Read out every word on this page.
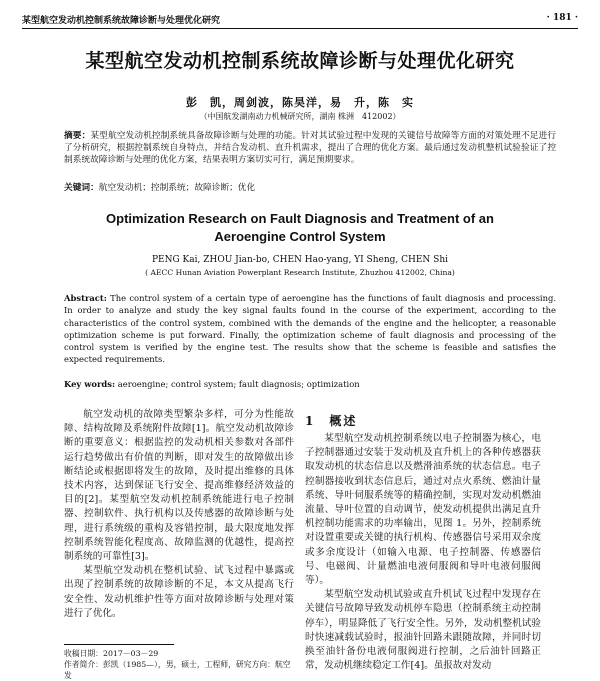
某型航空发动机控制系统故障诊断与处理优化研究	· 181 ·
某型航空发动机控制系统故障诊断与处理优化研究
彭　凯，周剑波，陈昊洋，易　升，陈　实
（中国航发湖南动力机械研究所，湖南 株洲　412002）
摘要：某型航空发动机控制系统具备故障诊断与处理的功能。针对其试验过程中发现的关键信号故障等方面的对策处理不足进行了分析研究，根据控制系统自身特点，并结合发动机、直升机需求，提出了合理的优化方案。最后通过发动机整机试验验证了控制系统故障诊断与处理的优化方案，结果表明方案切实可行，满足预期要求。
关键词：航空发动机；控制系统；故障诊断；优化
Optimization Research on Fault Diagnosis and Treatment of an
Aeroengine Control System
PENG Kai, ZHOU Jian-bo, CHEN Hao-yang, YI Sheng, CHEN Shi
( AECC Hunan Aviation Powerplant Research Institute, Zhuzhou 412002, China)
Abstract: The control system of a certain type of aeroengine has the functions of fault diagnosis and processing. In order to analyze and study the key signal faults found in the course of the experiment, according to the characteristics of the control system, combined with the demands of the engine and the helicopter, a reasonable optimization scheme is put forward. Finally, the optimization scheme of fault diagnosis and processing of the control system is verified by the engine test. The results show that the scheme is feasible and satisfies the expected requirements.
Key words: aeroengine; control system; fault diagnosis; optimization

航空发动机的故障类型繁杂多样，可分为性能故障、结构故障及系统附件故障[1]。航空发动机故障诊断的重要意义：根据监控的发动机相关参数对各部件运行趋势做出有价值的判断，即对发生的故障做出诊断结论或根据即将发生的故障，及时提出维修的具体技术内容，达到保证飞行安全、提高维修经济效益的目的[2]。某型航空发动机控制系统能进行电子控制器、控制软件、执行机构以及传感器的故障诊断与处理，进行系统级的重构及容错控制，最大限度地发挥控制系统智能化程度高、故障监测的优越性，提高控制系统的可靠性[3]。

某型航空发动机在整机试验、试飞过程中暴露或出现了控制系统的故障诊断的不足，本文从提高飞行安全性、发动机维护性等方面对故障诊断与处理对策进行了优化。

1 概述

某型航空发动机控制系统以电子控制器为核心，电子控制器通过安装于发动机及直升机上的各种传感器获取发动机的状态信息以及燃滑油系统的状态信息。电子控制器接收到状态信息后，通过对点火系统、燃油计量系统、导叶伺服系统等的精确控制，实现对发动机燃油流量、导叶位置的自动调节，使发动机提供出满足直升机控制功能需求的功率输出，见图 1。另外，控制系统对设置重要或关键的执行机构、传感器信号采用双余度或多余度设计（如输入电源、电子控制器、传感器信号、电磁阀、计量燃油电液伺服阀和导叶电液伺服阀等）。

某型航空发动机试验或直升机试飞过程中发现存在关键信号故障导致发动机停车隐患（控制系统主动控制停车），明显降低了飞行安全性。另外，发动机整机试验时快速减载试验时，报油针回路未跟随故障，并同时切换至油针备份电液伺服阀进行控制，之后油针回路正常，发动机继续稳定工作[4]。虽报故对发动

收稿日期：2017－03－29
作者简介：彭凯（1985—），男，硕士，工程师，研究方向：航空发
